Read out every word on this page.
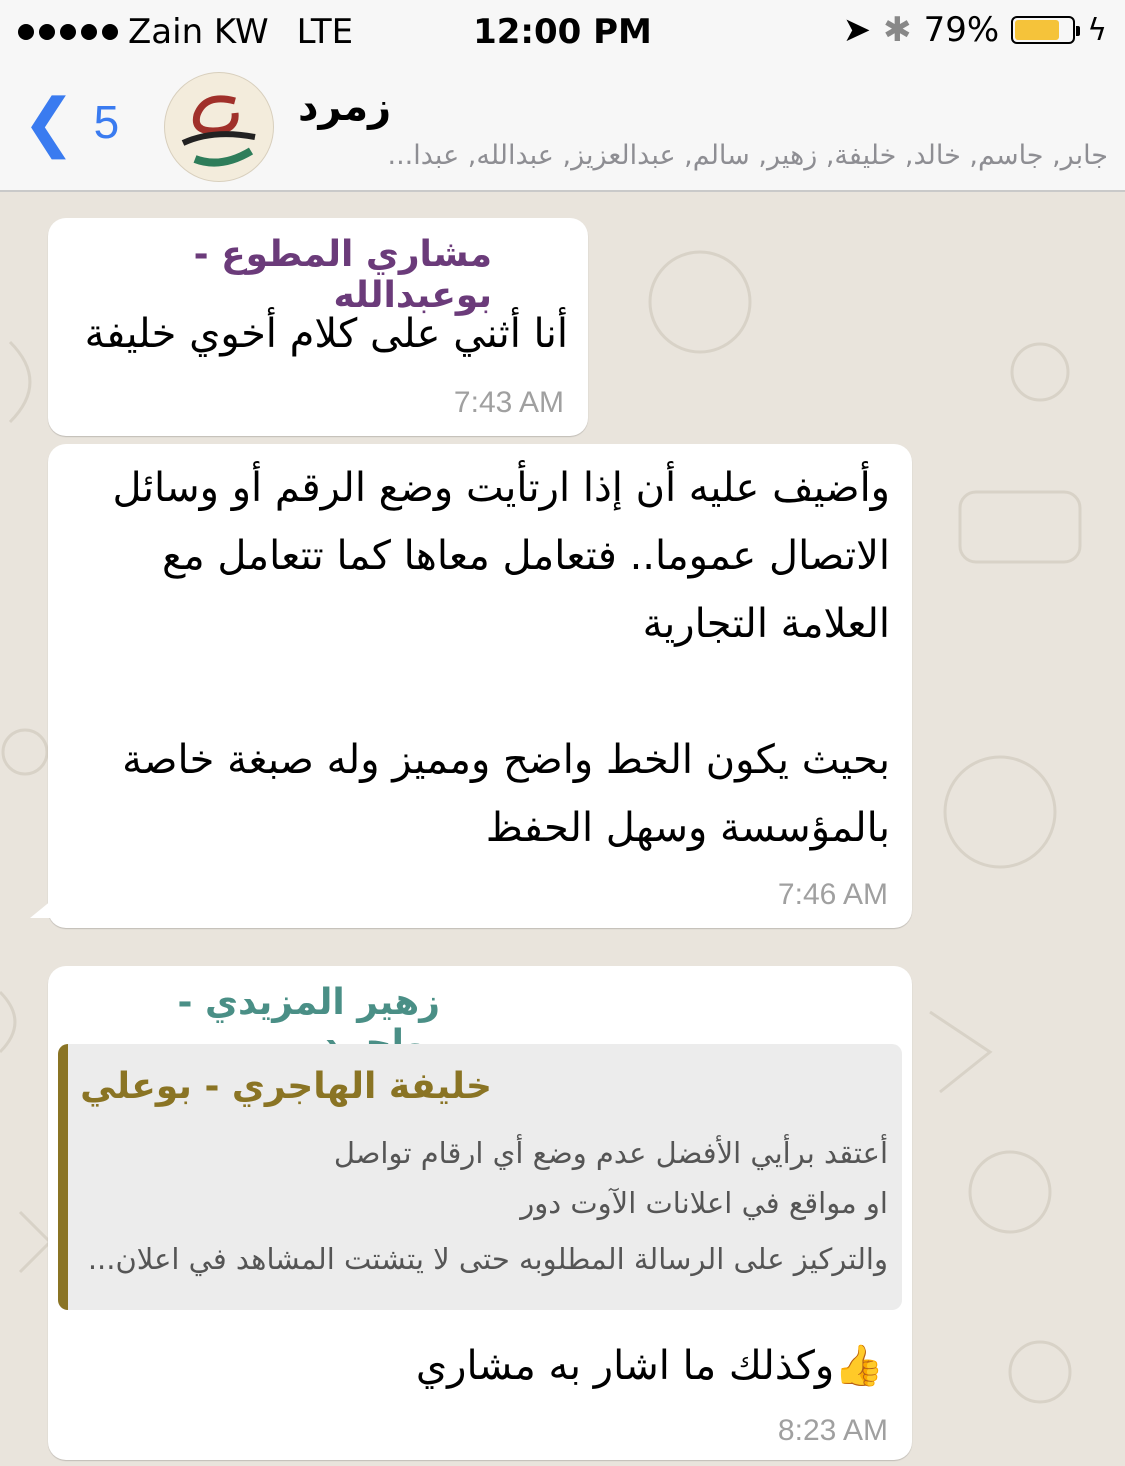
Zain KW LTE	12:00 PM	➤ ✱ 79%	ϟ
❮ 5	زمرد
جابر, جاسم, خالد, خليفة, زهير, سالم, عبدالعزيز, عبدالله, عبدا...
مشاري المطوع - بوعبدالله
أنا أثني على كلام أخوي خليفة
7:43 AM
وأضيف عليه أن إذا ارتأيت وضع الرقم أو وسائل
الاتصال عموما.. فتعامل معاها كما تتعامل مع
العلامة التجارية
بحيث يكون الخط واضح ومميز وله صبغة خاصة
بالمؤسسة وسهل الحفظ
7:46 AM
زهير المزيدي -
خليفة الهاجري - بوعلي
أعتقد برأيي الأفضل عدم وضع أي ارقام تواصل
او مواقع في اعلانات الآوت دور
والتركيز على الرسالة المطلوبه حتى لا يتشتت المشاهد في اعلان...
👍وكذلك ما اشار به مشاري
8:23 AM
